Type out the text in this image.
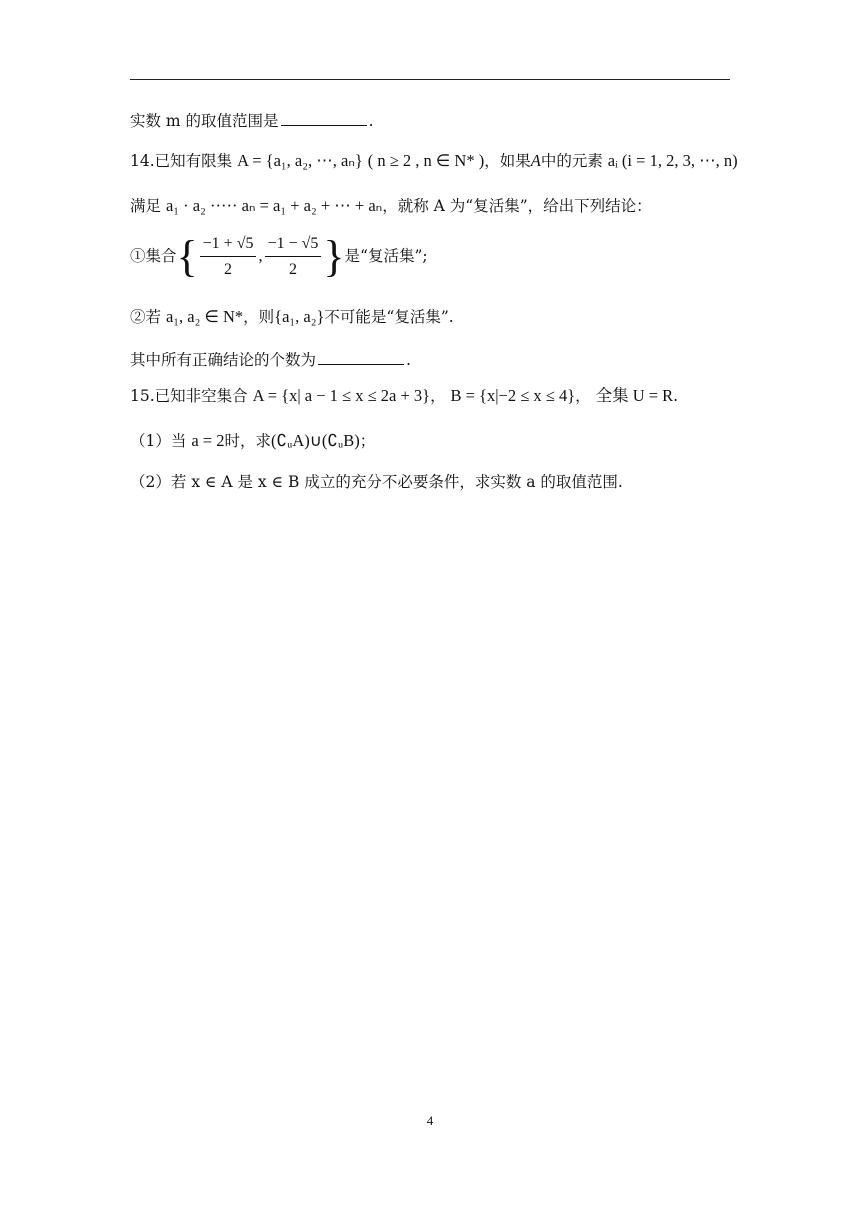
实数 m 的取值范围是	.
14.已知有限集 A = {a₁, a₂, ⋯, aₙ} ( n ≥ 2 , n ∈ N* )，如果A中的元素 aᵢ (i = 1, 2, 3, ⋯, n)
满足 a₁ · a₂ ····· aₙ = a₁ + a₂ + ⋯ + aₙ，就称 A 为“复活集”，给出下列结论：
①集合{ $\frac{-1 + √5}{2}$ , $\frac{-1 - √5}{2}$ }是“复活集”;
②若 a₁, a₂ ∈ N*，则{a₁, a₂}不可能是“复活集”.
其中所有正确结论的个数为	.
15.已知非空集合 A = {x| a − 1 ≤ x ≤ 2a + 3}， B = {x|−2 ≤ x ≤ 4}， 全集 U = R.
（1）当 a = 2时，求(∁ᵤA)∪(∁ᵤB)；
（2）若 x ∈ A 是 x ∈ B 成立的充分不必要条件，求实数 a 的取值范围.
4
